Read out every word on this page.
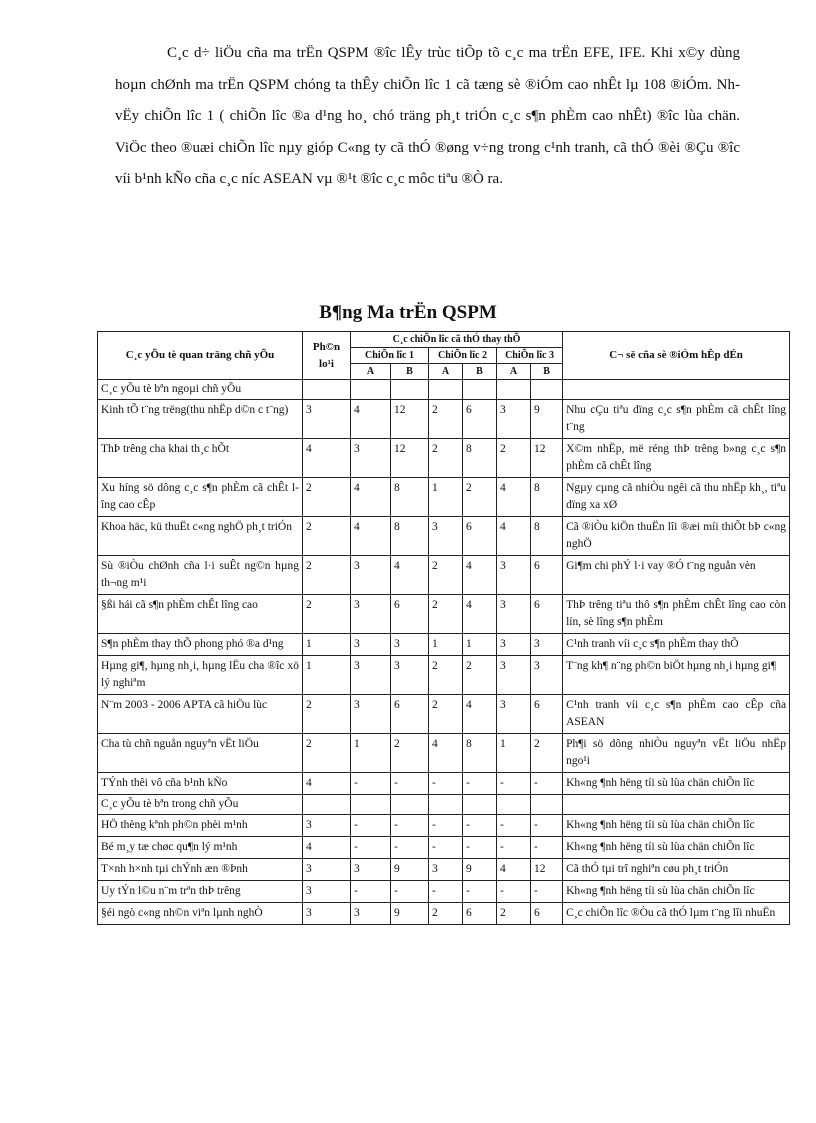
C¸c d÷ liÖu cña ma trËn QSPM ®îc lÊy trùc tiÕp tõ c¸c ma trËn EFE, IFE. Khi x©y dùng hoµn chØnh ma trËn QSPM chóng ta thÊy chiÕn lîc 1 cã tæng sè ®iÓm cao nhÊt lµ 108 ®iÓm. Nh vËy chiÕn lîc 1 ( chiÕn lîc ®a d¹ng ho¸ chó träng ph¸t triÓn c¸c s¶n phÈm cao nhÊt) ®îc lùa chän. ViÖc theo ®uæi chiÕn lîc nµy gióp C«ng ty cã thÓ ®øng v÷ng trong c¹nh tranh, cã thÓ ®èi ®Çu ®îc víi b¹nh kÑo cña c¸c níc ASEAN vµ ®¹t ®îc c¸c môc tiªu ®Ò ra.

B¶ng Ma trËn QSPM

C¸c yÕu tè quan träng chñ yÕu	Ph©n lo¹i	C¸c chiÕn lîc cã thÓ thay thÕ						C¬ së cña sè ®iÓm hÊp dÉn
		ChiÕn lîc 1		ChiÕn lîc 2		ChiÕn lîc 3		
		A	B	A	B	A	B	
C¸c yÕu tè bªn ngoµi chñ yÕu								
Kinh tÕ t¨ng trëng(thu nhËp d©n c t¨ng)	3	4	12	2	6	3	9	Nhu cÇu tiªu dïng c¸c s¶n phÈm cã chÊt lîng t¨ng
ThÞ trêng cha khai th¸c hÕt	4	3	12	2	8	2	12	X©m nhËp, më réng thÞ trêng b»ng c¸c s¶n phÈm cã chÊt lîng
Xu híng sö dông c¸c s¶n phÈm cã chÊt lîng cao cÊp	2	4	8	1	2	4	8	Ngµy cµng cã nhiÒu ngêi cã thu nhËp kh¸, tiªu dïng xa xØ
Khoa häc, kü thuËt c«ng nghÖ ph¸t triÓn	2	4	8	3	6	4	8	Cã ®iÒu kiÖn thuËn lîi ®æi míi thiÕt bÞ c«ng nghÖ
Sù ®iÒu chØnh cña l·i suÊt ng©n hµng th¬ng m¹i	2	3	4	2	4	3	6	Gi¶m chi phÝ l·i vay ®Ó t¨ng nguån vèn
§ßi hái cã s¶n phÈm chÊt lîng cao	2	3	6	2	4	3	6	ThÞ trêng tiªu thô s¶n phÈm chÊt lîng cao còn lín, sè lîng s¶n phÈm
S¶n phÈm thay thÕ phong phó ®a d¹ng	1	3	3	1	1	3	3	C¹nh tranh víi c¸c s¶n phÈm thay thÕ
Hµng gi¶, hµng nh¸i, hµng lËu cha ®îc xö lý nghiªm	1	3	3	2	2	3	3	T¨ng kh¶ n¨ng ph©n biÖt hµng nh¸i hµng gi¶
N¨m 2003 - 2006 APTA cã hiÖu lùc	2	3	6	2	4	3	6	C¹nh tranh víi c¸c s¶n phÈm cao cÊp cña ASEAN
Cha tù chñ nguån nguyªn vËt liÖu	2	1	2	4	8	1	2	Ph¶i sö dông nhiÒu nguyªn vËt liÖu nhËp ngo¹i
TÝnh thêi vô cña b¹nh kÑo	4	-	-	-	-	-	-	Kh«ng ¶nh hëng tíi sù lùa chän chiÕn lîc
C¸c yÕu tè bªn trong chñ yÕu								
HÖ thèng kªnh ph©n phèi m¹nh	3	-	-	-	-	-	-	Kh«ng ¶nh hëng tíi sù lùa chän chiÕn lîc
Bé m¸y tæ chøc qu¶n lý m¹nh	4	-	-	-	-	-	-	Kh«ng ¶nh hëng tíi sù lùa chän chiÕn lîc
T×nh h×nh tµi chÝnh æn ®Þnh	3	3	9	3	9	4	12	Cã thÓ tµi trî nghiªn cøu ph¸t triÓn
Uy tÝn l©u n¨m trªn thÞ trêng	3	-	-	-	-	-	-	Kh«ng ¶nh hëng tíi sù lùa chän chiÕn lîc
§éi ngò c«ng nh©n viªn lµnh nghÒ	3	3	9	2	6	2	6	C¸c chiÕn lîc ®Òu cã thÓ lµm t¨ng lîi nhuËn
